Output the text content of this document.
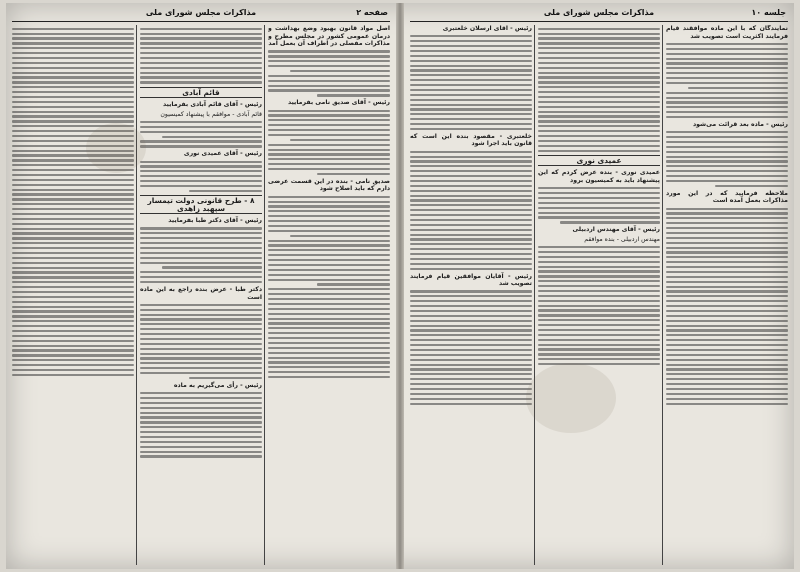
صفحه ۲
مذاکرات مجلس شورای ملی
اصل مواد قانون بهبود وضع بهداشت و درمان عمومی کشور در مجلس مطرح و مذاکرات مفصلی در اطراف آن بعمل آمد
رئیس - آقای صدیق نامی بفرمایید
صدیق نامی - بنده در این قسمت عرضی دارم که باید اصلاح شود
قائم آبادی
رئیس - آقای قائم آبادی بفرمایید
قائم آبادی - موافقم با پیشنهاد کمیسیون
رئیس - آقای عمیدی نوری
۸ - طرح قانونی دولت تیمسار سپهبد زاهدی
رئیس - آقای دکتر طبا بفرمایید
دکتر طبا - عرض بنده راجع به این ماده است
رئیس - رأی می‌گیریم به ماده
جلسه ۱۰
مذاکرات مجلس شورای ملی
نمایندگان که با این ماده موافقند قیام فرمایند اکثریت است تصویب شد
رئیس - ماده بعد قرائت می‌شود
ملاحظه فرمایید که در این مورد مذاکرات بعمل آمده است
عمیدی نوری
عمیدی نوری - بنده عرض کردم که این پیشنهاد باید به کمیسیون برود
رئیس - آقای مهندس اردبیلی
مهندس اردبیلی - بنده موافقم
رئیس - آقای ارسلان خلعتبری
خلعتبری - مقصود بنده این است که قانون باید اجرا شود
رئیس - آقایان موافقین قیام فرمایند تصویب شد
